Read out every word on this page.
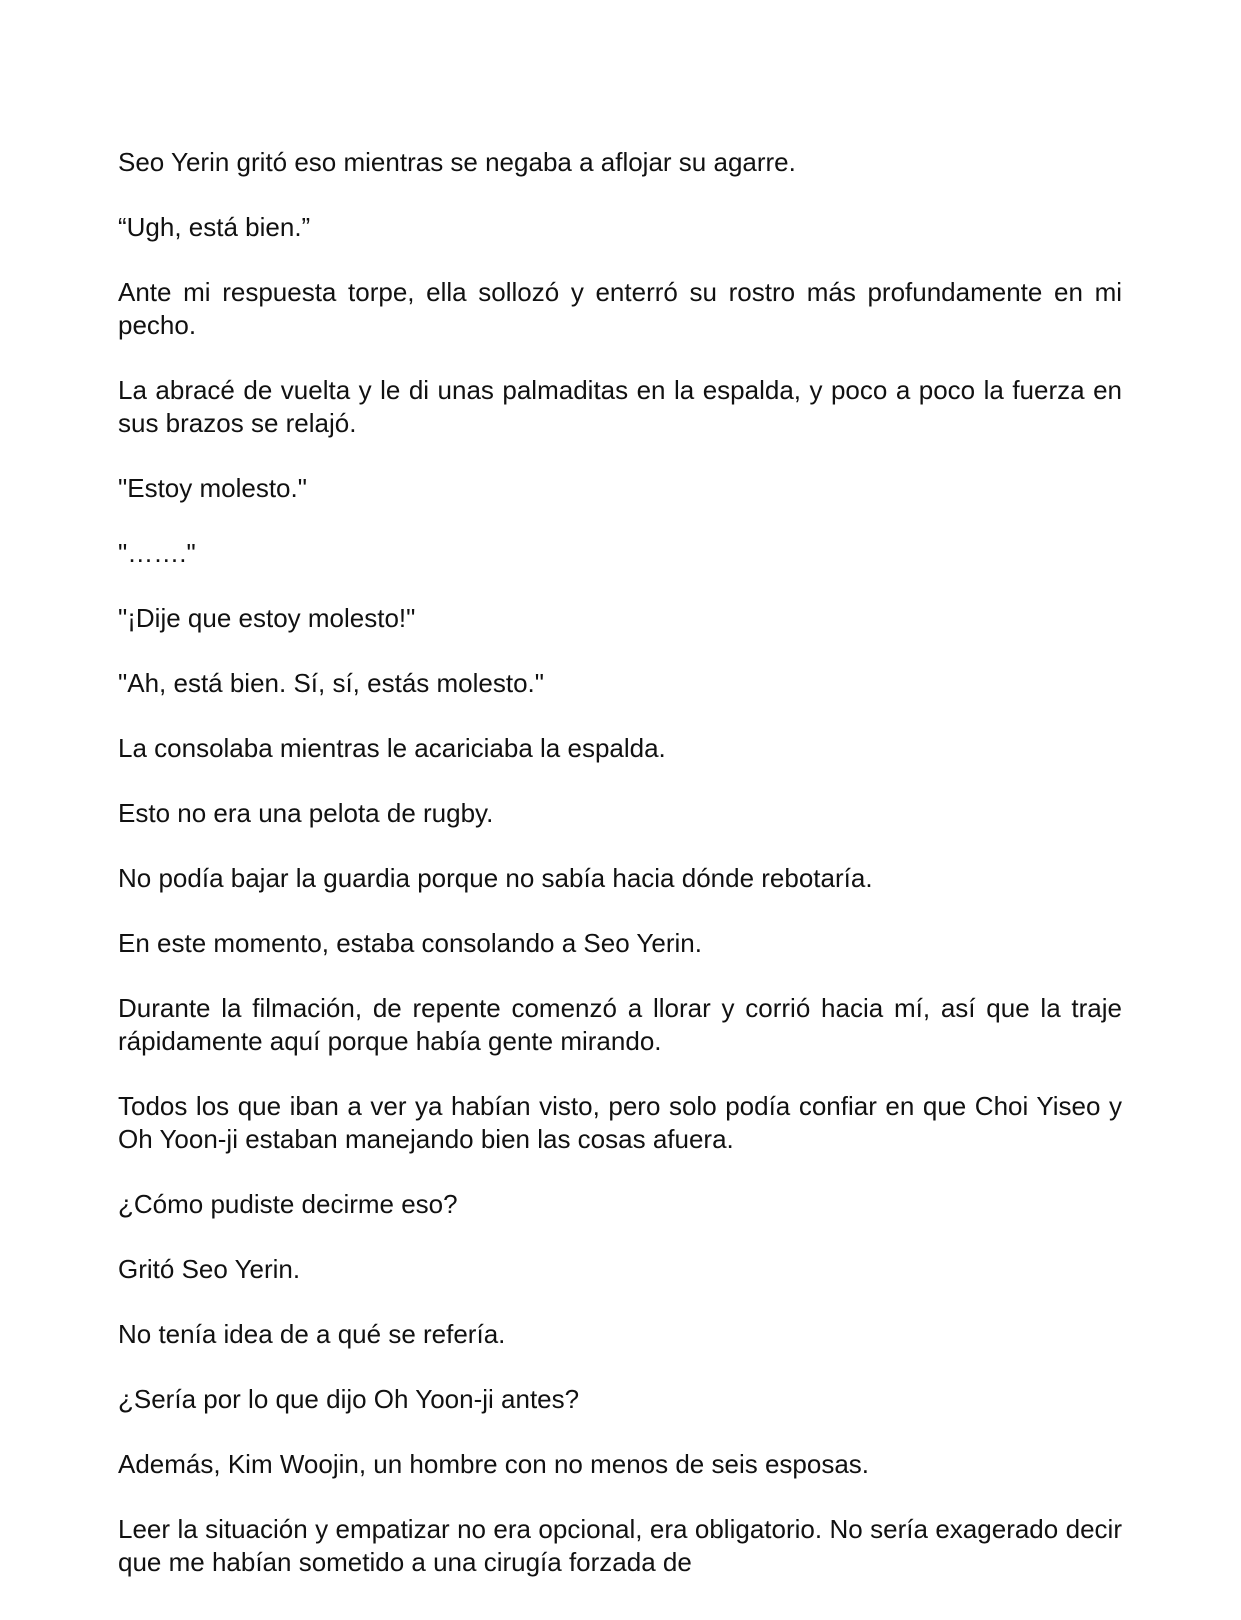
Seo Yerin gritó eso mientras se negaba a aflojar su agarre.

“Ugh, está bien.”

Ante mi respuesta torpe, ella sollozó y enterró su rostro más profundamente en mi pecho.

La abracé de vuelta y le di unas palmaditas en la espalda, y poco a poco la fuerza en sus brazos se relajó.

"Estoy molesto."

"……."

"¡Dije que estoy molesto!"

"Ah, está bien. Sí, sí, estás molesto."

La consolaba mientras le acariciaba la espalda.

Esto no era una pelota de rugby.

No podía bajar la guardia porque no sabía hacia dónde rebotaría.

En este momento, estaba consolando a Seo Yerin.

Durante la filmación, de repente comenzó a llorar y corrió hacia mí, así que la traje rápidamente aquí porque había gente mirando.

Todos los que iban a ver ya habían visto, pero solo podía confiar en que Choi Yiseo y Oh Yoon-ji estaban manejando bien las cosas afuera.

¿Cómo pudiste decirme eso?

Gritó Seo Yerin.

No tenía idea de a qué se refería.

¿Sería por lo que dijo Oh Yoon-ji antes?

Además, Kim Woojin, un hombre con no menos de seis esposas.

Leer la situación y empatizar no era opcional, era obligatorio. No sería exagerado decir que me habían sometido a una cirugía forzada de
